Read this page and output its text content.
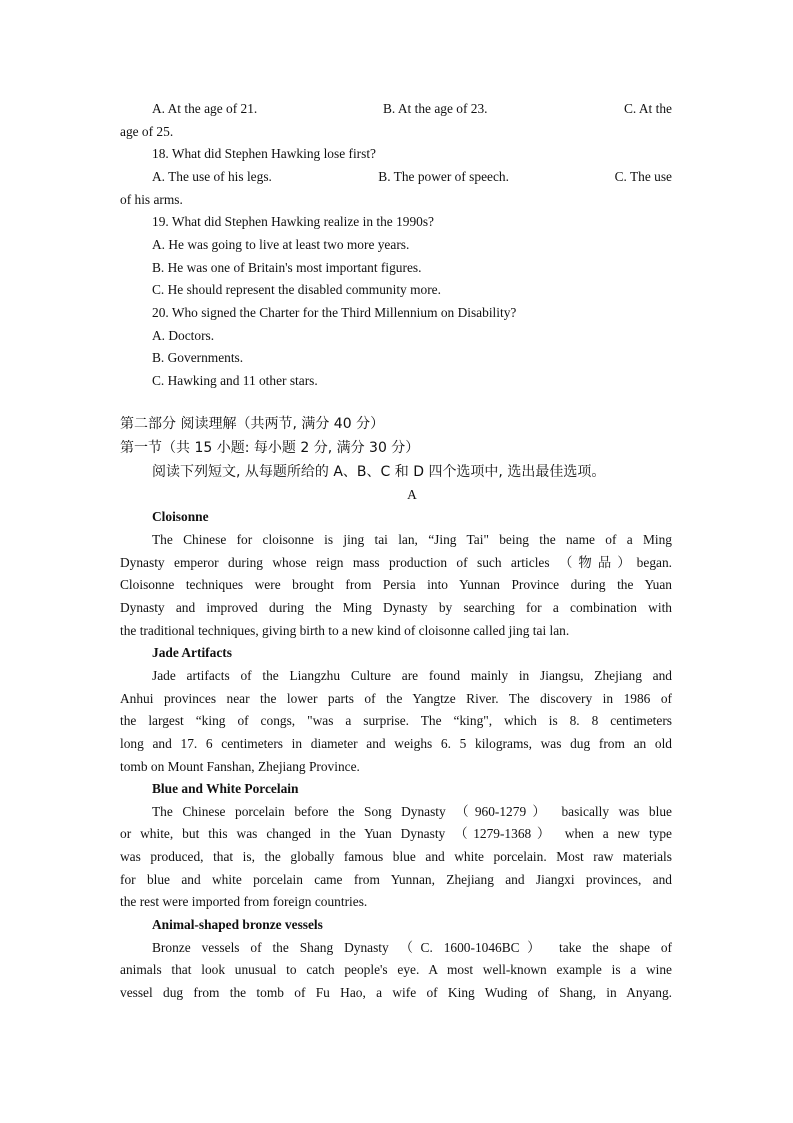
A. At the age of 21.	B. At the age of 23.	C. At the
age of 25.
18. What did Stephen Hawking lose first?
A. The use of his legs.	B. The power of speech.	C. The use
of his arms.
19. What did Stephen Hawking realize in the 1990s?
A. He was going to live at least two more years.
B. He was one of Britain's most important figures.
C. He should represent the disabled community more.
20. Who signed the Charter for the Third Millennium on Disability?
A. Doctors.
B. Governments.
C. Hawking and 11 other stars.
第二部分 阅读理解（共两节, 满分 40 分）
第一节（共 15 小题: 每小题 2 分, 满分 30 分）
阅读下列短文, 从每题所给的 A、B、C 和 D 四个选项中, 选出最佳选项。
A
Cloisonne
The Chinese for cloisonne is jing tai lan, “Jing Tai" being the name of a Ming
Dynasty emperor during whose reign mass production of such articles （物品）began.
Cloisonne techniques were brought from Persia into Yunnan Province during the Yuan
Dynasty and improved during the Ming Dynasty by searching for a combination with
the traditional techniques, giving birth to a new kind of cloisonne called jing tai lan.
Jade Artifacts
Jade artifacts of the Liangzhu Culture are found mainly in Jiangsu, Zhejiang and
Anhui provinces near the lower parts of the Yangtze River. The discovery in 1986 of
the largest “king of congs, "was a surprise. The “king", which is 8. 8 centimeters
long and 17. 6 centimeters in diameter and weighs 6. 5 kilograms, was dug from an old
tomb on Mount Fanshan, Zhejiang Province.
Blue and White Porcelain
The Chinese porcelain before the Song Dynasty （960-1279） basically was blue
or white, but this was changed in the Yuan Dynasty （1279-1368） when a new type
was produced, that is, the globally famous blue and white porcelain. Most raw materials
for blue and white porcelain came from Yunnan, Zhejiang and Jiangxi provinces, and
the rest were imported from foreign countries.
Animal-shaped bronze vessels
Bronze vessels of the Shang Dynasty （C. 1600-1046BC） take the shape of
animals that look unusual to catch people's eye. A most well-known example is a wine
vessel dug from the tomb of Fu Hao, a wife of King Wuding of Shang, in Anyang.
